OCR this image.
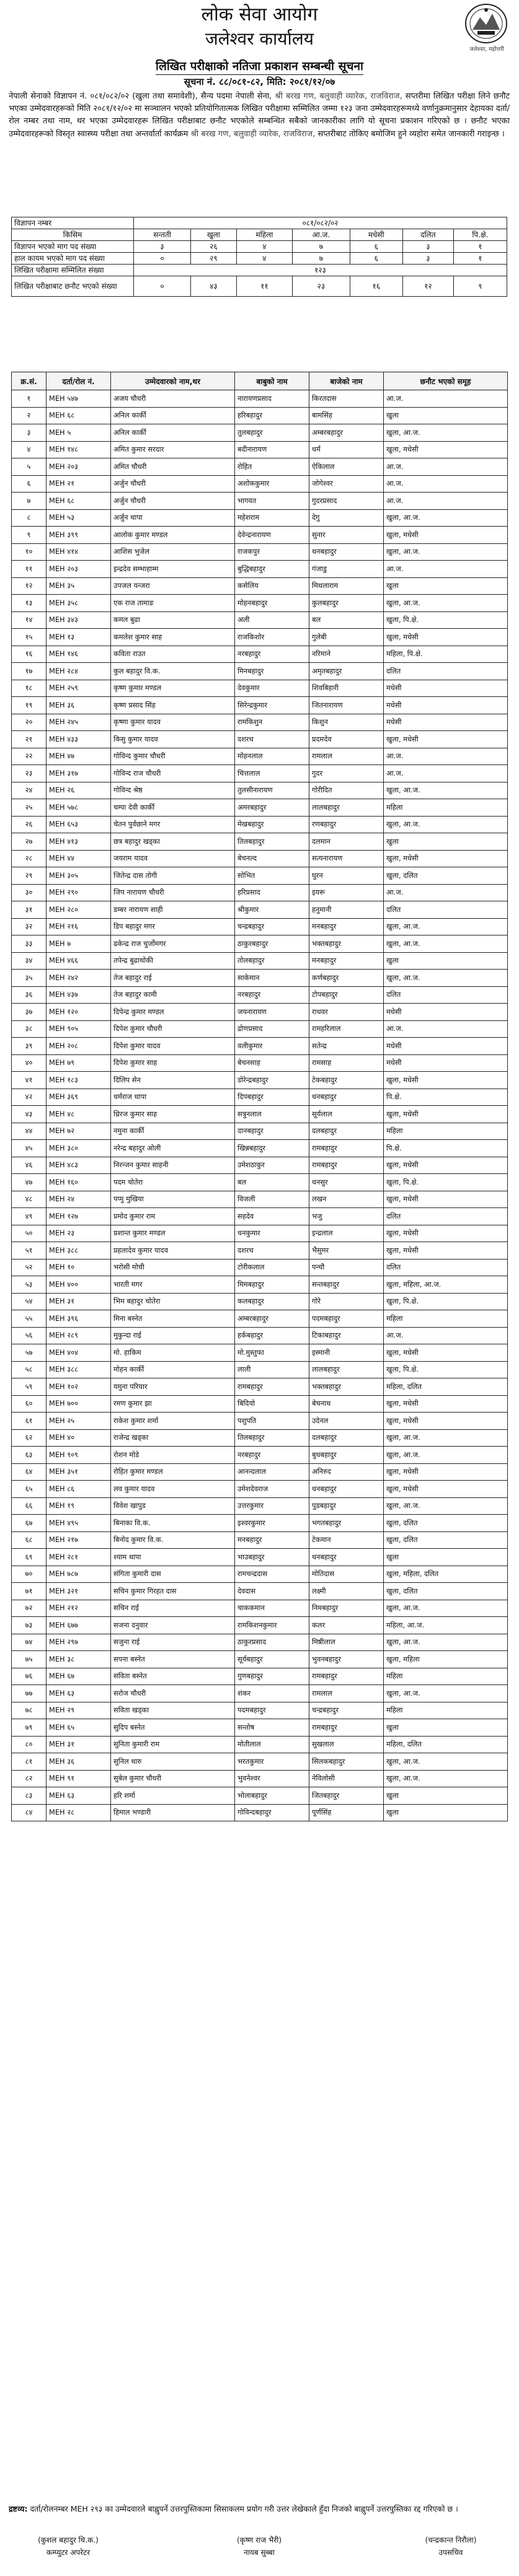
लोक सेवा आयोग
जलेश्वर कार्यालय
जलेश्वर, महोत्तरी
लिखित परीक्षाको नतिजा प्रकाशन सम्बन्धी सूचना
सूचना नं. ८८/०८१-८२, मिति: २०८१/१२/०७
नेपाली सेनाको विज्ञापन नं. ०८१/०८२/०२ (खुला तथा समावेशी), सैन्य पदमा नेपाली सेना, श्री बरख गण, बलुवाही व्यारेक, राजविराज, सप्तरीमा लिखित परीक्षा लिने छनौट भएका उम्मेदवारहरूको मिति २०८१/१२/०२ मा सञ्चालन भएको प्रतियोगितात्मक लिखित परीक्षामा सम्मिलित जम्मा १२३ जना उम्मेदवारहरूमध्ये वर्णानुक्रमानुसार देहायका दर्ता/रोल नम्बर तथा नाम, थर भएका उम्मेदवारहरू लिखित परीक्षाबाट छनौट भएकोले सम्बन्धित सबैको जानकारीका लागि यो सूचना प्रकाशन गरिएको छ । छनौट भएका उम्मेदवारहरूको विस्तृत स्वास्थ्य परीक्षा तथा अन्तर्वार्ता कार्यक्रम श्री बरख गण, बलुवाही व्यारेक, राजविराज, सप्तरीबाट तोकिए बमोजिम हुने व्यहोरा समेत जानकारी गराइन्छ ।
विज्ञापन नम्बर	०८१/०८२/०२						
किसिम	सन्तती	खुला	महिला	आ.ज.	मधेसी	दलित	पि.क्षे.
विज्ञापन भएको माग पद संख्या	३	२६	४	७	६	३	१
हाल कायम भएको माग पद संख्या	०	२९	४	७	६	३	१
लिखित परीक्षामा सम्मिलित संख्या	१२३						
लिखित परीक्षाबाट छनौट भएको संख्या	०	४३	११	२३	१६	१२	९
क्र.सं.	दर्ता/रोल नं.	उम्मेदवारको नाम,थर	बाबुको नाम	बाजेको नाम	छनौट भएको समूह
१	MEH ५४७	अजय चौधरी	नारायणप्रसाद	किरतदास	आ.ज.
२	MEH ६८	अनिल कार्की	हरिबहादुर	बामसिंह	खुला
३	MEH ५	अनिल कार्की	तुलबहादुर	अम्बरबहादुर	खुला, आ.ज.
४	MEH १४८	अमित कुमार सरदार	बदीनारायण	धर्म	खुला, मधेसी
५	MEH २०३	अमित चौधरी	रोहित	ऐकिलाल	आ.ज.
६	MEH २१	अर्जुन चौधरी	अशोककुमार	जोगेश्वर	आ.ज.
७	MEH ६८	अर्जुन चौधरी	भागवत	गुदरप्रसाद	आ.ज.
८	MEH ५३	अर्जुन थापा	महेशराम	देगु	खुला, आ.ज.
९	MEH ३९९	आलोक कुमार मण्डल	देवेन्द्रनारायण	सुनार	खुला, मधेसी
१०	MEH ४१४	आशिस भुजेल	राजकपुर	धनबहादुर	खुला, आ.ज.
११	MEH २०३	इन्द्रदेव सम्भाहाम्म	बुद्धिबहादुर	गंजाडु	आ.ज.
१२	MEH ३५	उपजल यन्जरा	कसेलिय	मिथलाराम	खुला
१३	MEH ३५८	एक राज तामाङ	मोहनबहादुर	कुलबहादुर	खुला, आ.ज.
१४	MEH ३४३	कमल बुढा	अली	बल	खुला, पि.क्षे.
१५	MEH १३	कमलेश कुमार साह	राजकिशोर	गुलेबी	खुला, मधेसी
१६	MEH १४६	कविता राउत	नरबहादुर	नरिमाने	महिला, पि.क्षे.
१७	MEH २८४	कुल बहादुर वि.क.	मिनबहादुर	अमृतबहादुर	दलित
१८	MEH २५९	कृष्ण कुमार मण्डल	देवकुमार	शिवबिहारी	मधेसी
१९	MEH ३६	कृष्ण प्रसाद सिंह	सिरेन्द्रकुमार	जितनारायण	मधेसी
२०	MEH २४५	कृष्णा कुमार यादव	रामकिशुन	किशुन	मधेसी
२१	MEH ४३३	किसु कुमार यादव	दशरथ	प्रदमदेव	खुला, मधेसी
२२	MEH ४७	गोविन्द कुमार चौधरी	मोहनलाल	रामलाल	आ.ज.
२३	MEH ३१७	गोविन्द राज चौधरी	चित्तलाल	गुदर	आ.ज.
२४	MEH २६	गोविन्द श्रेष्ठ	तुलसीनारायण	गोरीदित	खुला, आ.ज.
२५	MEH ५७८	चम्पा देवी कार्की	अमरबहादुर	लालबहादुर	महिला
२६	MEH ६५३	चेतन पुर्वछाने मगर	मेखबहादुर	रणबहादुर	खुला, आ.ज.
२७	MEH ४१३	छत्र बहादुर खड्का	तिलबहादुर	दलमान	खुला
२८	MEH ४४	जयराम यादव	बेचनल्द	सत्यनारायण	खुला, मधेसी
२९	MEH ३०५	जितेन्द्र दास तोगी	सोभित	घुरन	खुला, दलित
३०	MEH २९०	जिप नारायण चौधरी	हरिप्रसाद	इयरू	आ.ज.
३१	MEH २८०	डम्बर नारायण साही	श्रीकुमार	हनुमानी	दलित
३२	MEH २१६	डिप बहादुर मगर	चन्द्रबहादुर	मनबहादुर	खुला, आ.ज.
३३	MEH ७	ढकेन्द्र राज चुर्जोमगर	ठाकुरबहादुर	भक्तबहादुर	खुला, आ.ज.
३४	MEH ४६६	तपेन्द्र बुढाथोकी	तोलबहादुर	मनबहादुर	खुला
३५	MEH २४२	तेज बहादुर राई	साकेमान	कर्णबहादुर	खुला, आ.ज.
३६	MEH ४३७	तेज बहादुर कामी	नरबहादुर	टोपबहादुर	दलित
३७	MEH १२०	दिपेन्द्र कुमार मण्डल	जयनारायण	राधवर	मधेसी
३८	MEH ९०५	दिपेश कुमार चौधरी	द्रोणप्रसाद	रामहरिलाल	आ.ज.
३९	MEH २०८	दिपेश कुमार यादव	वलीकुमार	सतेन्द्र	मधेसी
४०	MEH ७९	दिपेश कुमार साह	बेचनसाह	रामसाह	मधेसी
४१	MEH १८३	दिलिप सेन	डोरेन्द्रबहादुर	टेकबहादुर	खुला, मधेसी
४२	MEH ३६९	धर्मराज थापा	दिपबहादुर	धनबहादुर	पि.क्षे.
४३	MEH ४८	ध्रिरज कुमार साह	सत्रुनलाल	सूर्यलाल	खुला, मधेसी
४४	MEH ७२	नमुना कार्की	दानबहादुर	दलबहादुर	महिला
४५	MEH ३८०	नरेन्द्र बहादुर ओली	खिन्नबहादुर	रामबहादुर	पि.क्षे.
४६	MEH ४८३	निरन्जन कुमार साहनी	उमेशठाकुर	रामबहादुर	खुला, मधेसी
४७	MEH १६०	पदम चोतेरा	बल	धनसुर	खुला, पि.क्षे.
४८	MEH २४	पप्पु मुखिया	विजली	लखन	खुला, मधेसी
४९	MEH १२७	प्रमोद कुमार राम	सहदेव	भजु	दलित
५०	MEH २३	प्रशान्त कुमार मण्डल	धनकुमार	इन्द्रलाल	खुला, मधेसी
५१	MEH ३८८	प्रहलादेव कुमार यादव	दशरथ	भैसुमर	खुला, मधेसी
५२	MEH १०	भरोसी मोची	टोरीकलाल	पन्चौ	दलित
५३	MEH ४००	भारती मगर	मिमबहादुर	सन्तबहादुर	खुला, महिला, आ.ज.
५४	MEH ३१	भिम बहादुर चोतेरा	कलबहादुर	गोरे	खुला, पि.क्षे.
५५	MEH ३९६	मिना बस्नेत	अम्बरबहादुर	पदमबहादुर	महिला
५६	MEH २८९	मुकुन्दा राई	हर्कबहादुर	टिकाबहादुर	आ.ज.
५७	MEH ४०४	मो. हाकिम	मो.मुस्तुफा	इस्मानी	खुला, मधेसी
५८	MEH ३८८	मोहन कार्की	लाली	लालबहादुर	खुला, पि.क्षे.
५९	MEH १०२	यमुना परियार	रामबहादुर	भक्तबहादुर	महिला, दलित
६०	MEH ७००	रमण कुमार झा	बिदियो	बेचनाथ	खुला, मधेसी
६१	MEH २५	राकेश कुमार शर्मा	पशुपति	उदेनल	खुला, मधेसी
६२	MEH ४०	राजेन्द्र खड्का	तिलबहादुर	दलबहादुर	खुला, आ.ज.
६३	MEH ९०९	रोशन मोडे	नरबहादुर	बुधबहादुर	खुला, आ.ज.
६४	MEH ३५१	रोहित कुमार मण्डल	आनन्दलाल	अनिरुद	खुला, मधेसी
६५	MEH ८६	लव कुमार यादव	उमेशदेवराज	धनबहादुर	खुला, मधेसी
६६	MEH १९	विवेश खापुड	उत्तरकुमार	पुडबहादुर	खुला, आ.ज.
६७	MEH ४९५	बिनाका वि.क.	इश्वरकुमार	भगतबहादुर	खुला, दलित
६८	MEH २१७	बिनोद कुमार वि.क.	मनबहादुर	टेकमान	खुला, दलित
६९	MEH २८१	श्याम थापा	भाउबहादुर	धनबहादुर	खुला
७०	MEH ७८७	संगिता कुमारी दास	रामचन्द्रदास	मोतिदास	खुला, महिला, दलित
७१	MEH ३२१	सचिन कुमार गिरहत दास	देवदास	लक्ष्मी	खुला, दलित
७२	MEH २१२	सचिन राई	चाककमान	निमबहादुर	खुला, आ.ज.
७३	MEH ६७७	सजना दनुवार	रामकिशनकुमार	कलर	महिला, आ.ज.
७४	MEH २९७	सजुना राई	ठाकुरप्रसाद	मिष्रीलाल	खुला, आ.ज.
७५	MEH ३८	सपना बस्नेत	सूर्यबहादुर	भुवनबहादुर	खुला, महिला
७६	MEH ६७	सविता बस्नेत	गुणबहादुर	रामबहादुर	महिला
७७	MEH ६३	सरोज चौधरी	शंकर	रामलाल	खुला, आ.ज.
७८	MEH २९	सविता खड्का	पदमबहादुर	चन्द्रबहादुर	महिला
७९	MEH ६५	सुदिप बस्नेत	सन्तोष	रामबहादुर	खुला
८०	MEH ३१	सुनिता कुमारी राम	मोतीलाल	सुखलाल	महिला, दलित
८१	MEH ३६	सुनिल थारु	भरतकुमार	सिलकबहादुर	खुला, आ.ज.
८२	MEH ९१	सुबेल कुमार चौधरी	भुवनेश्वर	नेविलोसी	खुला, आ.ज.
८३	MEH ६३	हरि शर्मा	भोलाबहादुर	जितबहादुर	खुला
८४	MEH २८	हिमाल भण्डारी	गोविन्दबहादुर	पूर्णसिंह	खुला
द्रष्टव्य: दर्ता/रोलनम्बर MEH २९३ का उम्मेदवारले बाह्नुपर्ने उत्तरपुस्तिकामा सिसाकलम प्रयोग गरी उत्तर लेखेकाले हुँदा निजको बाह्नुपर्ने उत्तरपुस्तिका रद्द गरिएको छ ।
(कुशल बहादुर थि.क.)
कम्प्युटर अपरेटर
(कृष्ण राज भैरी)
नायब सुब्बा
(चन्द्रकान्त निरौला)
उपसचिव
